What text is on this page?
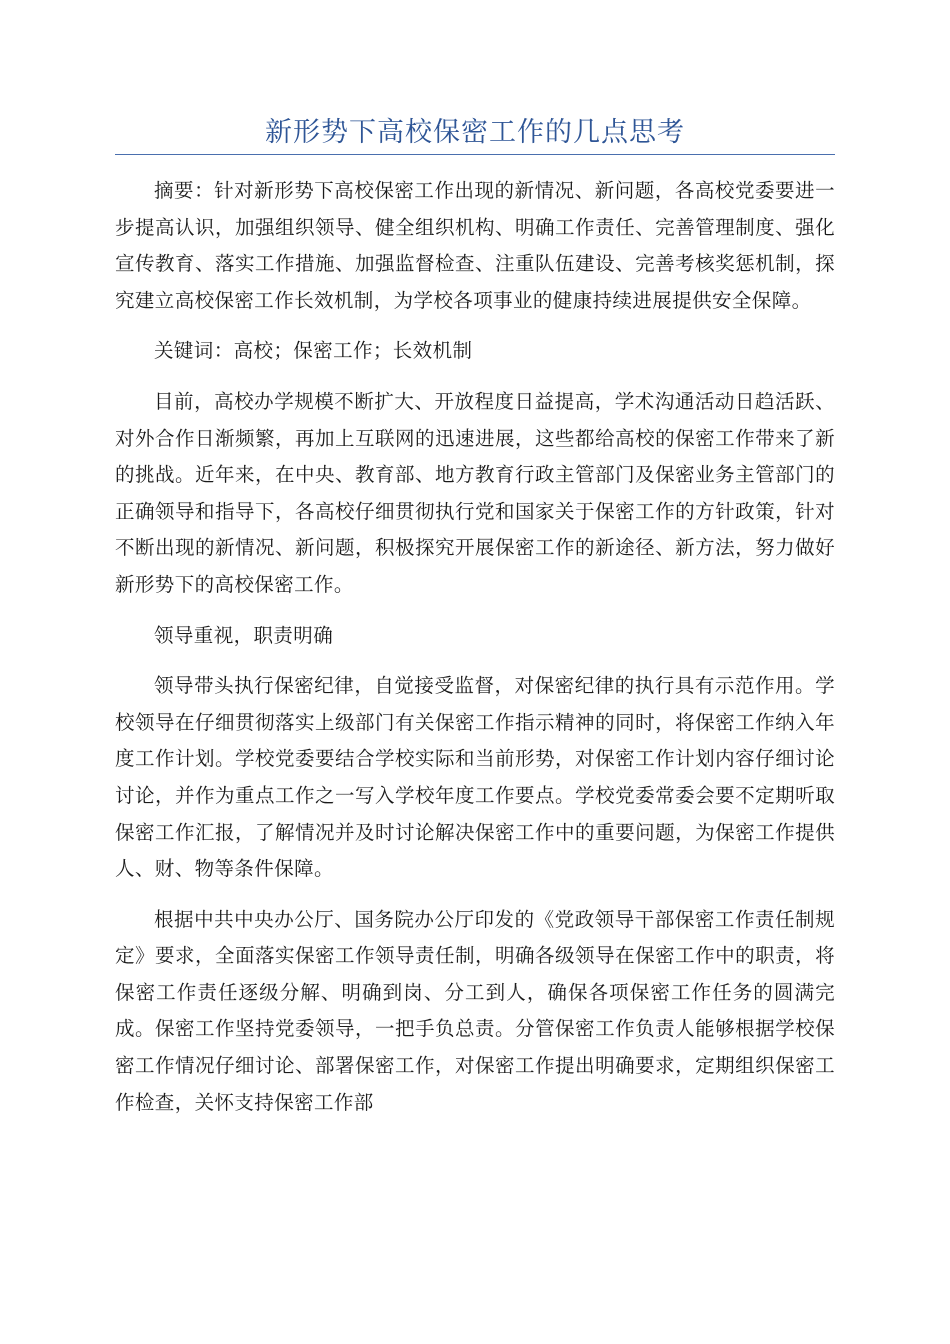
新形势下高校保密工作的几点思考

摘要：针对新形势下高校保密工作出现的新情况、新问题，各高校党委要进一步提高认识，加强组织领导、健全组织机构、明确工作责任、完善管理制度、强化宣传教育、落实工作措施、加强监督检查、注重队伍建设、完善考核奖惩机制，探究建立高校保密工作长效机制，为学校各项事业的健康持续进展提供安全保障。

关键词：高校；保密工作；长效机制

目前，高校办学规模不断扩大、开放程度日益提高，学术沟通活动日趋活跃、对外合作日渐频繁，再加上互联网的迅速进展，这些都给高校的保密工作带来了新的挑战。近年来，在中央、教育部、地方教育行政主管部门及保密业务主管部门的正确领导和指导下，各高校仔细贯彻执行党和国家关于保密工作的方针政策，针对不断出现的新情况、新问题，积极探究开展保密工作的新途径、新方法，努力做好新形势下的高校保密工作。

领导重视，职责明确

领导带头执行保密纪律，自觉接受监督，对保密纪律的执行具有示范作用。学校领导在仔细贯彻落实上级部门有关保密工作指示精神的同时，将保密工作纳入年度工作计划。学校党委要结合学校实际和当前形势，对保密工作计划内容仔细讨论讨论，并作为重点工作之一写入学校年度工作要点。学校党委常委会要不定期听取保密工作汇报，了解情况并及时讨论解决保密工作中的重要问题，为保密工作提供人、财、物等条件保障。

根据中共中央办公厅、国务院办公厅印发的《党政领导干部保密工作责任制规定》要求，全面落实保密工作领导责任制，明确各级领导在保密工作中的职责，将保密工作责任逐级分解、明确到岗、分工到人，确保各项保密工作任务的圆满完成。保密工作坚持党委领导，一把手负总责。分管保密工作负责人能够根据学校保密工作情况仔细讨论、部署保密工作，对保密工作提出明确要求，定期组织保密工作检查，关怀支持保密工作部
